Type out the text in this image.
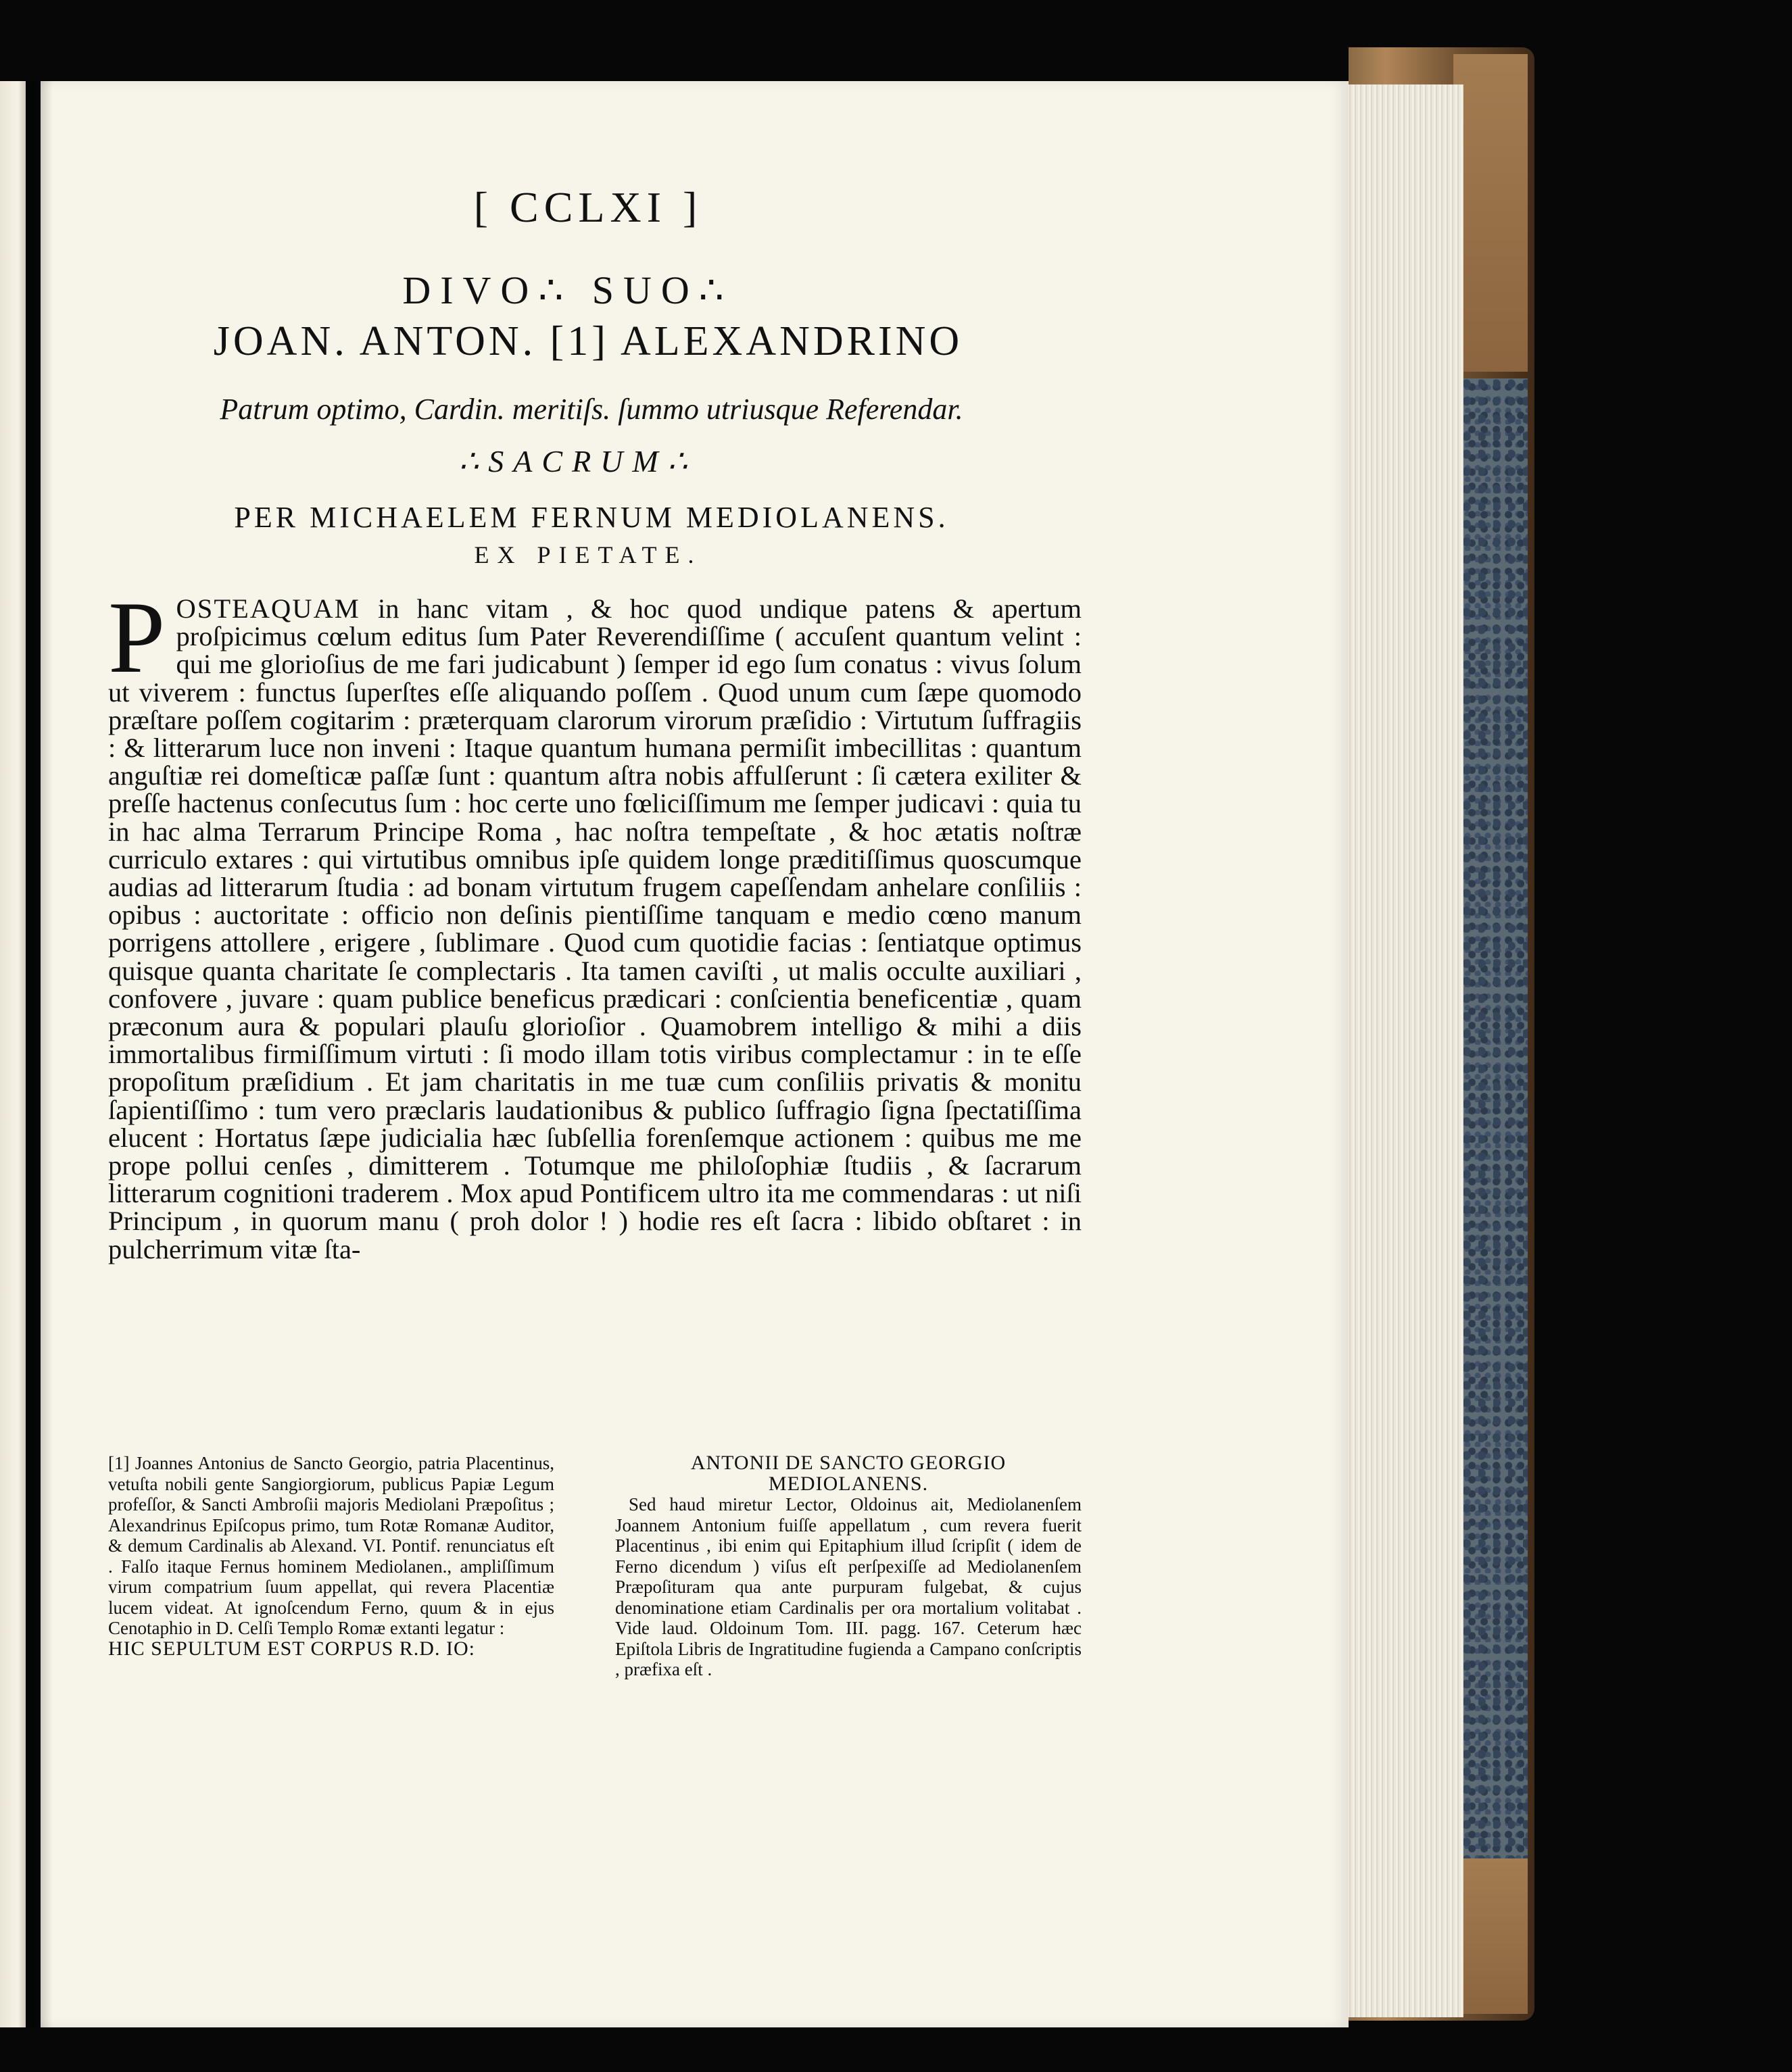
[ CCLXI ]
DIVO∴ SUO∴
JOAN. ANTON. [1] ALEXANDRINO
Patrum optimo, Cardin. meritiſs. ſummo utriusque Referendar.
∴SACRUM∴
PER MICHAELEM FERNUM MEDIOLANENS.
EX PIETATE.

P OSTEAQUAM in hanc vitam , & hoc quod undique patens & apertum proſpicimus cœlum editus ſum Pater Reverendiſſime ( accuſent quantum velint : qui me glorioſius de me fari judicabunt ) ſemper id ego ſum conatus : vivus ſolum ut viverem : functus ſuperſtes eſſe aliquando poſſem . Quod unum cum ſæpe quomodo præſtare poſſem cogitarim : præterquam clarorum virorum præſidio : Virtutum ſuffragiis : & litterarum luce non inveni : Itaque quantum humana permiſit imbecillitas : quantum anguſtiæ rei domeſticæ paſſæ ſunt : quantum aſtra nobis affulſerunt : ſi cætera exiliter & preſſe hactenus conſecutus ſum : hoc certe uno fœliciſſimum me ſemper judicavi : quia tu in hac alma Terrarum Principe Roma , hac noſtra tempeſtate , & hoc ætatis noſtræ curriculo extares : qui virtutibus omnibus ipſe quidem longe præditiſſimus quoscumque audias ad litterarum ſtudia : ad bonam virtutum frugem capeſſendam anhelare conſiliis : opibus : auctoritate : officio non deſinis pientiſſime tanquam e medio cœno manum porrigens attollere , erigere , ſublimare . Quod cum quotidie facias : ſentiatque optimus quisque quanta charitate ſe complectaris . Ita tamen caviſti , ut malis occulte auxiliari , confovere , juvare : quam publice beneficus prædicari : conſcientia beneficentiæ , quam præconum aura & populari plauſu glorioſior . Quamobrem intelligo & mihi a diis immortalibus firmiſſimum virtuti : ſi modo illam totis viribus complectamur : in te eſſe propoſitum præſidium . Et jam charitatis in me tuæ cum conſiliis privatis & monitu ſapientiſſimo : tum vero præclaris laudationibus & publico ſuffragio ſigna ſpectatiſſima elucent : Hortatus ſæpe judicialia hæc ſubſellia forenſemque actionem : quibus me me prope pollui cenſes , dimitterem . Totumque me philoſophiæ ſtudiis , & ſacrarum litterarum cognitioni traderem . Mox apud Pontificem ultro ita me commendaras : ut niſi Principum , in quorum manu ( proh dolor ! ) hodie res eſt ſacra : libido obſtaret : in pulcherrimum vitæ ſta-

[1] Joannes Antonius de Sancto Georgio, patria Placentinus, vetuſta nobili gente Sangiorgiorum, publicus Papiæ Legum profeſſor, & Sancti Ambroſii majoris Mediolani Præpoſitus ; Alexandrinus Epiſcopus primo, tum Rotæ Romanæ Auditor, & demum Cardinalis ab Alexand. VI. Pontif. renunciatus eſt . Falſo itaque Fernus hominem Mediolanen., ampliſſimum virum compatrium ſuum appellat, qui revera Placentiæ lucem videat. At ignoſcendum Ferno, quum & in ejus Cenotaphio in D. Celſi Templo Romæ extanti legatur :

HIC SEPULTUM EST CORPUS R.D. IO:

ANTONII DE SANCTO GEORGIO MEDIOLANENS.

Sed haud miretur Lector, Oldoinus ait, Mediolanenſem Joannem Antonium fuiſſe appellatum , cum revera fuerit Placentinus , ibi enim qui Epitaphium illud ſcripſit ( idem de Ferno dicendum ) viſus eſt perſpexiſſe ad Mediolanenſem Præpoſituram qua ante purpuram fulgebat, & cujus denominatione etiam Cardinalis per ora mortalium volitabat . Vide laud. Oldoinum Tom. III. pagg. 167. Ceterum hæc Epiſtola Libris de Ingratitudine fugienda a Campano conſcriptis , præfixa eſt .
